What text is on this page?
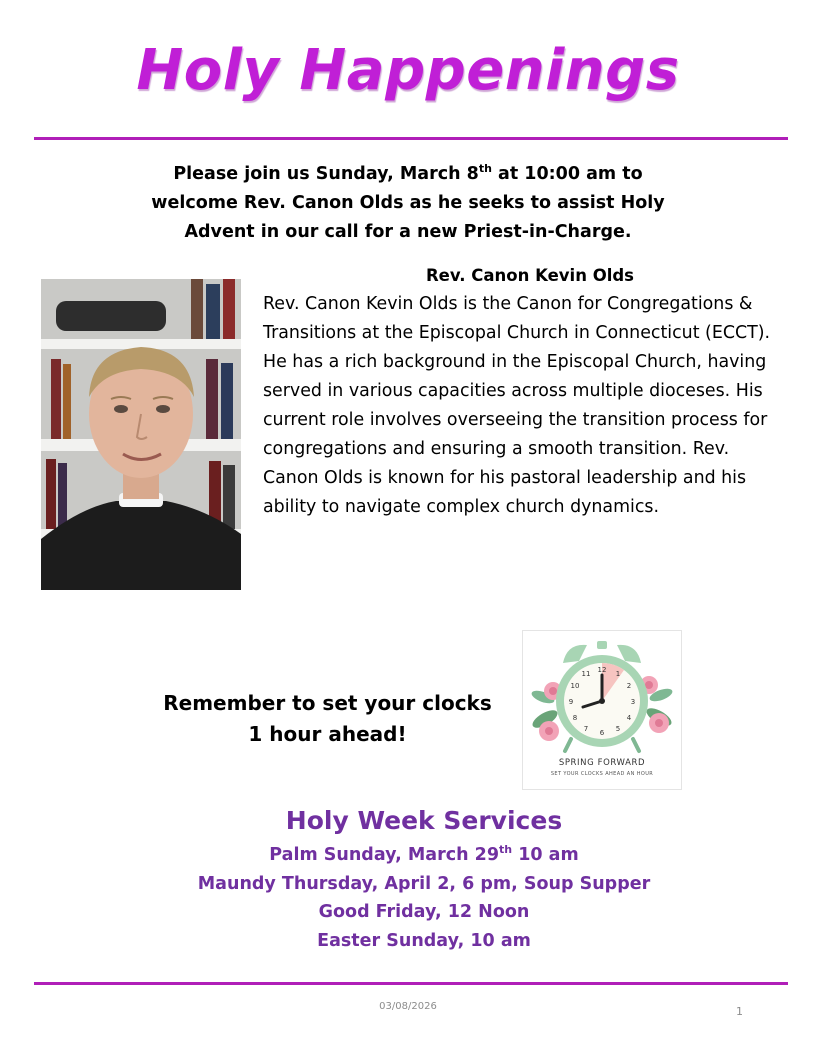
Holy Happenings
Please join us Sunday, March 8th at 10:00 am to
welcome Rev. Canon Olds as he seeks to assist Holy
Advent in our call for a new Priest-in-Charge.
Rev. Canon Kevin Olds
Rev. Canon Kevin Olds is the Canon for Congregations & Transitions at the Episcopal Church in Connecticut (ECCT). He has a rich background in the Episcopal Church, having served in various capacities across multiple dioceses. His current role involves overseeing the transition process for congregations and ensuring a smooth transition. Rev. Canon Olds is known for his pastoral leadership and his ability to navigate complex church dynamics.
Remember to set your clocks
1 hour ahead!
12
3
6
9
1
2
4
5
7
8
10
11
SPRING FORWARD
SET YOUR CLOCKS AHEAD AN HOUR
Holy Week Services
Palm Sunday, March 29th 10 am
Maundy Thursday, April 2, 6 pm, Soup Supper
Good Friday, 12 Noon
Easter Sunday, 10 am
03/08/2026	1
